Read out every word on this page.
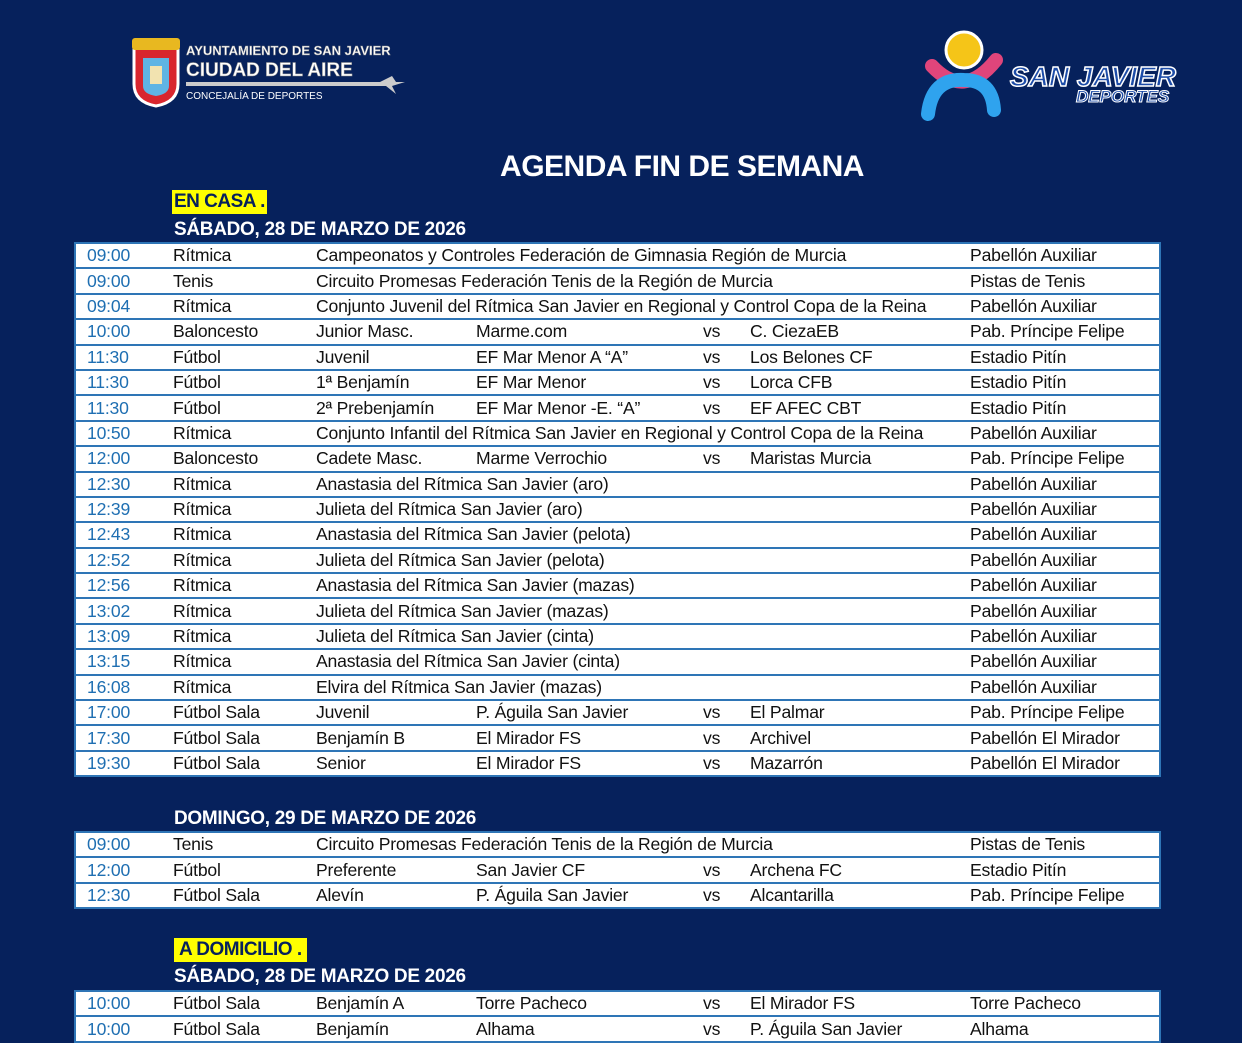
AYUNTAMIENTO DE SAN JAVIER
CIUDAD DEL AIRE
CONCEJALÍA DE DEPORTES
SAN JAVIER
DEPORTES
AGENDA FIN DE SEMANA
EN CASA .
SÁBADO, 28 DE MARZO DE 2026
09:00	Rítmica	Campeonatos y Controles Federación de Gimnasia Región de Murcia				Pabellón Auxiliar
09:00	Tenis	Circuito Promesas Federación Tenis de la Región de Murcia				Pistas de Tenis
09:04	Rítmica	Conjunto Juvenil del Rítmica San Javier en Regional y Control Copa de la Reina				Pabellón Auxiliar
10:00	Baloncesto	Junior Masc.	Marme.com	vs	C. CiezaEB	Pab. Príncipe Felipe
11:30	Fútbol	Juvenil	EF Mar Menor A “A”	vs	Los Belones CF	Estadio Pitín
11:30	Fútbol	1ª Benjamín	EF Mar Menor	vs	Lorca CFB	Estadio Pitín
11:30	Fútbol	2ª Prebenjamín	EF Mar Menor -E. “A”	vs	EF AFEC CBT	Estadio Pitín
10:50	Rítmica	Conjunto Infantil del Rítmica San Javier en Regional y Control Copa de la Reina				Pabellón Auxiliar
12:00	Baloncesto	Cadete Masc.	Marme Verrochio	vs	Maristas Murcia	Pab. Príncipe Felipe
12:30	Rítmica	Anastasia del Rítmica San Javier (aro)				Pabellón Auxiliar
12:39	Rítmica	Julieta del Rítmica San Javier (aro)				Pabellón Auxiliar
12:43	Rítmica	Anastasia del Rítmica San Javier (pelota)				Pabellón Auxiliar
12:52	Rítmica	Julieta del Rítmica San Javier (pelota)				Pabellón Auxiliar
12:56	Rítmica	Anastasia del Rítmica San Javier (mazas)				Pabellón Auxiliar
13:02	Rítmica	Julieta del Rítmica San Javier (mazas)				Pabellón Auxiliar
13:09	Rítmica	Julieta del Rítmica San Javier (cinta)				Pabellón Auxiliar
13:15	Rítmica	Anastasia del Rítmica San Javier (cinta)				Pabellón Auxiliar
16:08	Rítmica	Elvira del Rítmica San Javier (mazas)				Pabellón Auxiliar
17:00	Fútbol Sala	Juvenil	P. Águila San Javier	vs	El Palmar	Pab. Príncipe Felipe
17:30	Fútbol Sala	Benjamín B	El Mirador FS	vs	Archivel	Pabellón El Mirador
19:30	Fútbol Sala	Senior	El Mirador FS	vs	Mazarrón	Pabellón El Mirador
DOMINGO, 29 DE MARZO DE 2026
09:00	Tenis	Circuito Promesas Federación Tenis de la Región de Murcia				Pistas de Tenis
12:00	Fútbol	Preferente	San Javier CF	vs	Archena FC	Estadio Pitín
12:30	Fútbol Sala	Alevín	P. Águila San Javier	vs	Alcantarilla	Pab. Príncipe Felipe
A DOMICILIO .
SÁBADO, 28 DE MARZO DE 2026
10:00	Fútbol Sala	Benjamín A	Torre Pacheco	vs	El Mirador FS	Torre Pacheco
10:00	Fútbol Sala	Benjamín	Alhama	vs	P. Águila San Javier	Alhama
